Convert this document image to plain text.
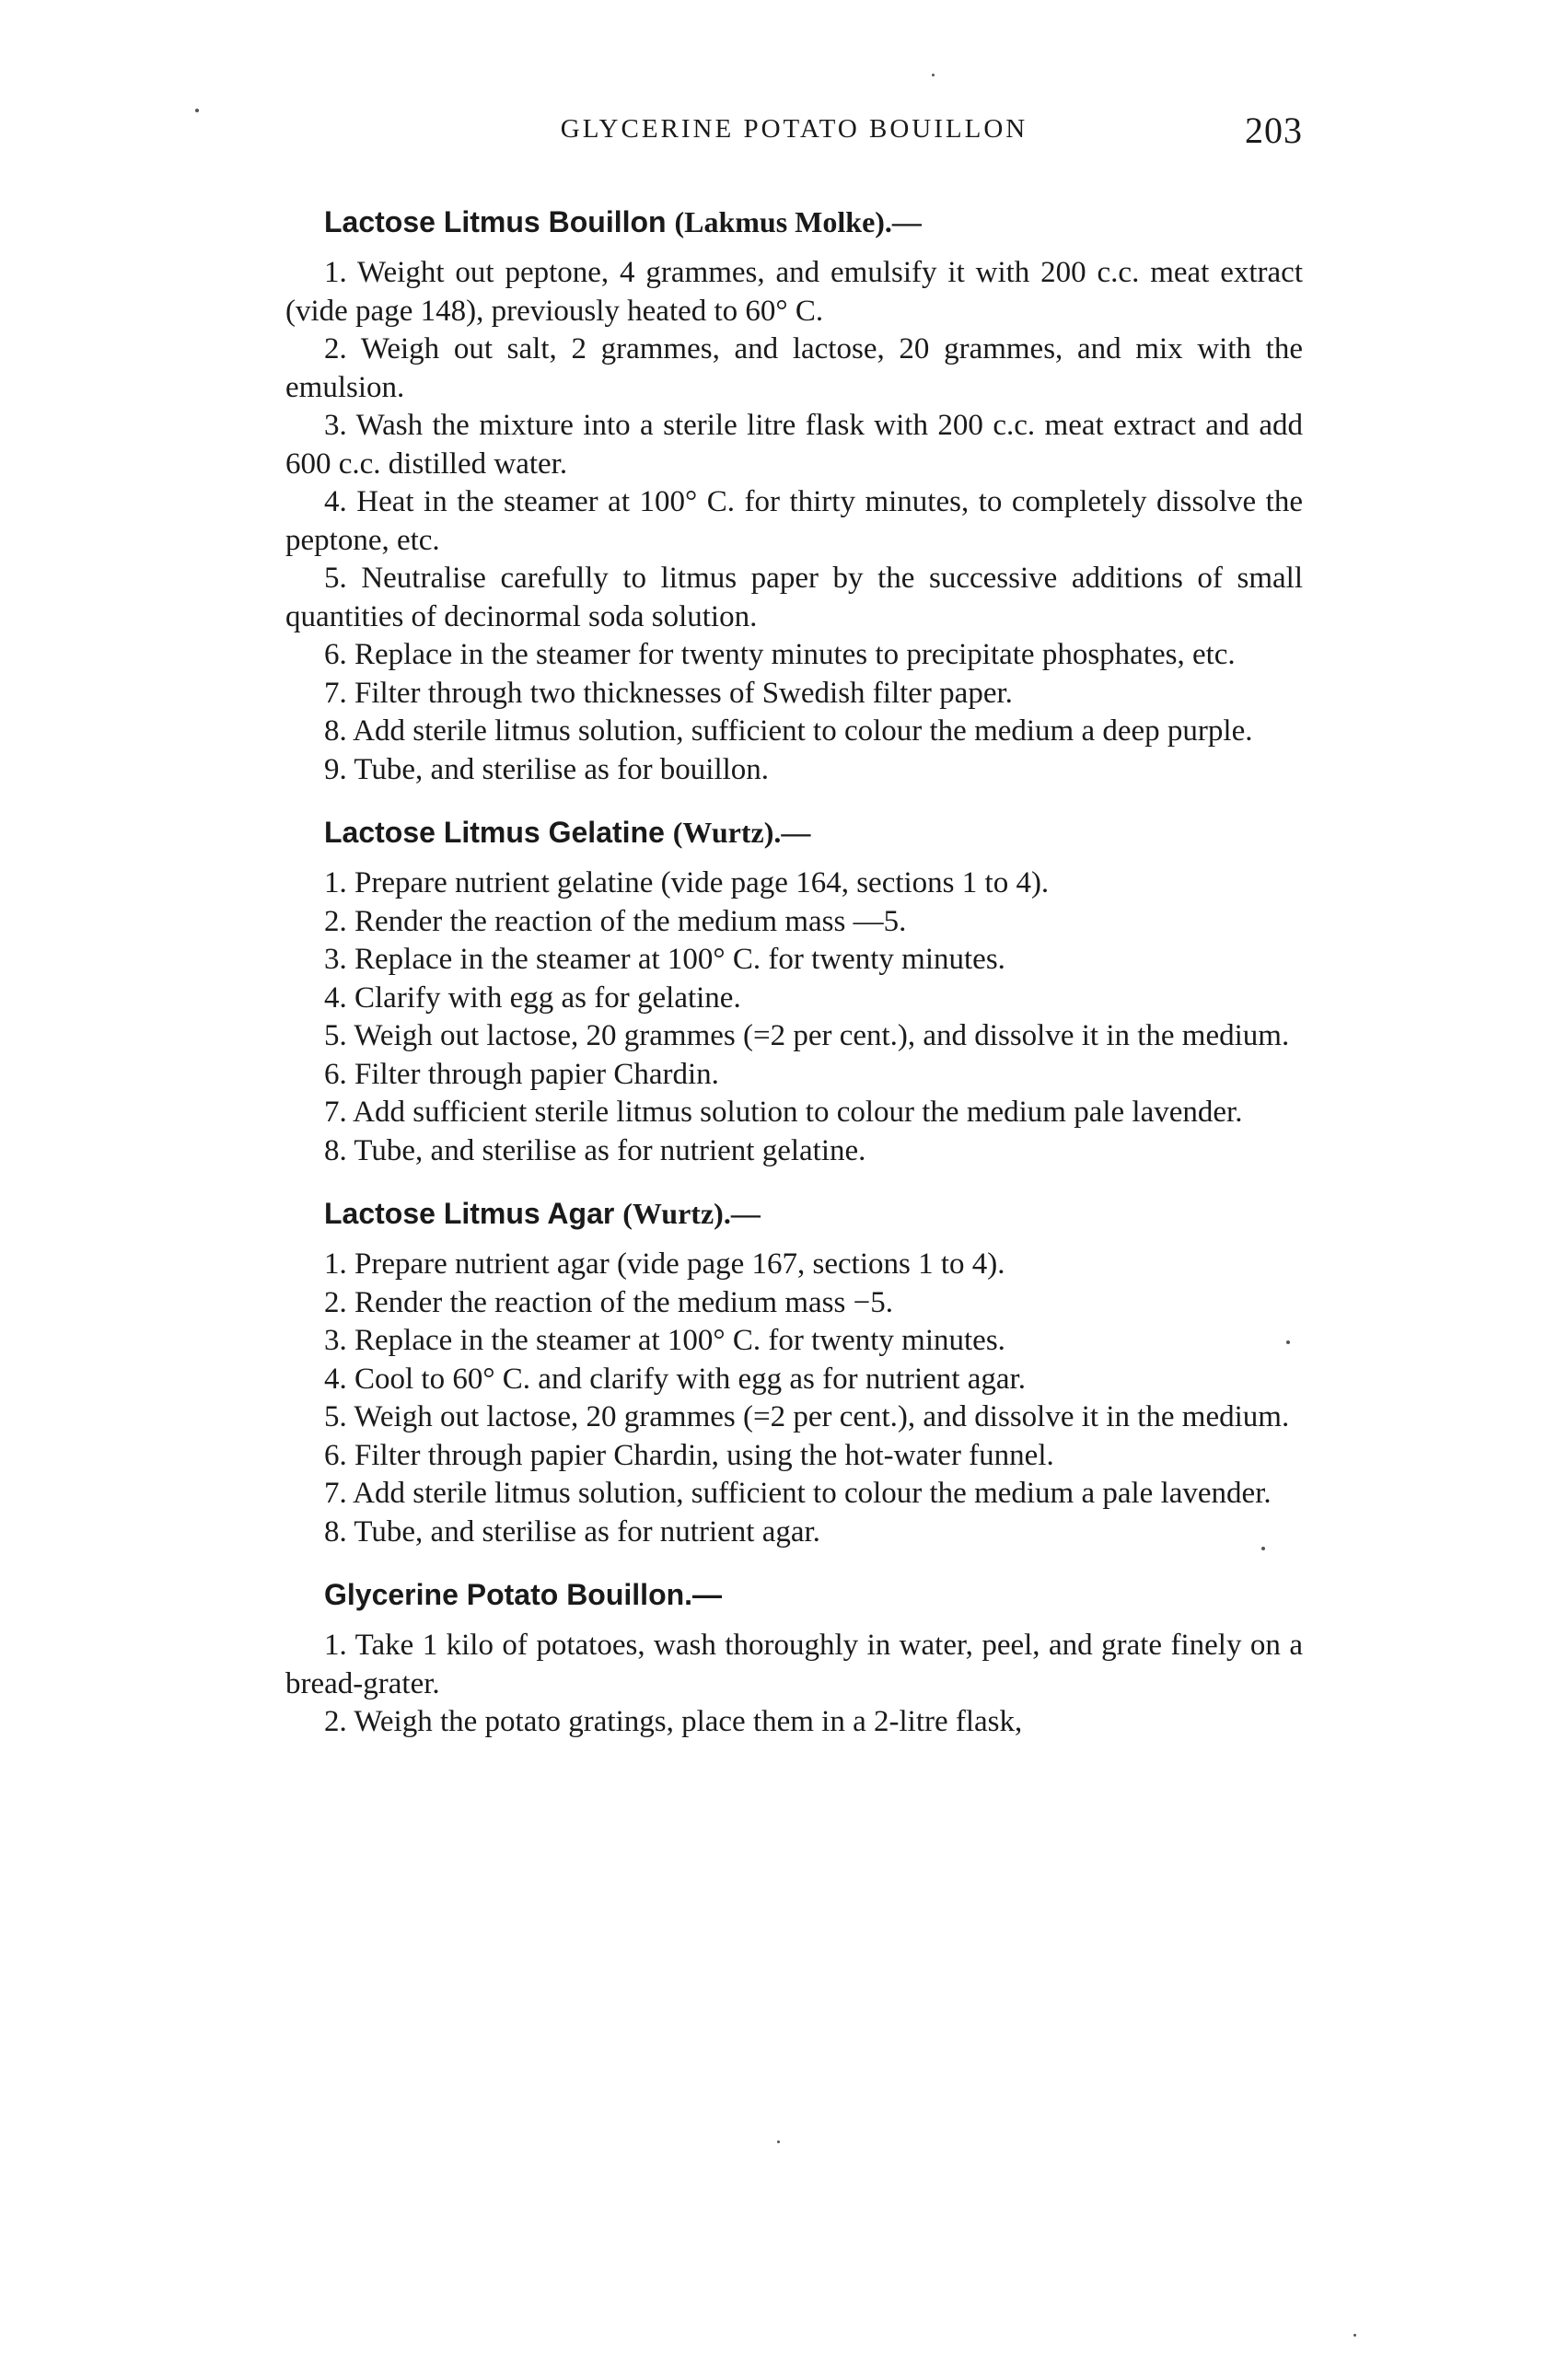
GLYCERINE POTATO BOUILLON	203
Lactose Litmus Bouillon (Lakmus Molke).—

1. Weight out peptone, 4 grammes, and emulsify it with 200 c.c. meat extract (vide page 148), previously heated to 60° C.

2. Weigh out salt, 2 grammes, and lactose, 20 grammes, and mix with the emulsion.

3. Wash the mixture into a sterile litre flask with 200 c.c. meat extract and add 600 c.c. distilled water.

4. Heat in the steamer at 100° C. for thirty minutes, to completely dissolve the peptone, etc.

5. Neutralise carefully to litmus paper by the successive additions of small quantities of decinormal soda solution.

6. Replace in the steamer for twenty minutes to precipitate phosphates, etc.

7. Filter through two thicknesses of Swedish filter paper.

8. Add sterile litmus solution, sufficient to colour the medium a deep purple.

9. Tube, and sterilise as for bouillon.

Lactose Litmus Gelatine (Wurtz).—

1. Prepare nutrient gelatine (vide page 164, sections 1 to 4).

2. Render the reaction of the medium mass —5.

3. Replace in the steamer at 100° C. for twenty minutes.

4. Clarify with egg as for gelatine.

5. Weigh out lactose, 20 grammes (=2 per cent.), and dissolve it in the medium.

6. Filter through papier Chardin.

7. Add sufficient sterile litmus solution to colour the medium pale lavender.

8. Tube, and sterilise as for nutrient gelatine.

Lactose Litmus Agar (Wurtz).—

1. Prepare nutrient agar (vide page 167, sections 1 to 4).

2. Render the reaction of the medium mass −5.

3. Replace in the steamer at 100° C. for twenty minutes.

4. Cool to 60° C. and clarify with egg as for nutrient agar.

5. Weigh out lactose, 20 grammes (=2 per cent.), and dissolve it in the medium.

6. Filter through papier Chardin, using the hot-water funnel.

7. Add sterile litmus solution, sufficient to colour the medium a pale lavender.

8. Tube, and sterilise as for nutrient agar.

Glycerine Potato Bouillon.—

1. Take 1 kilo of potatoes, wash thoroughly in water, peel, and grate finely on a bread-grater.

2. Weigh the potato gratings, place them in a 2-litre flask,
